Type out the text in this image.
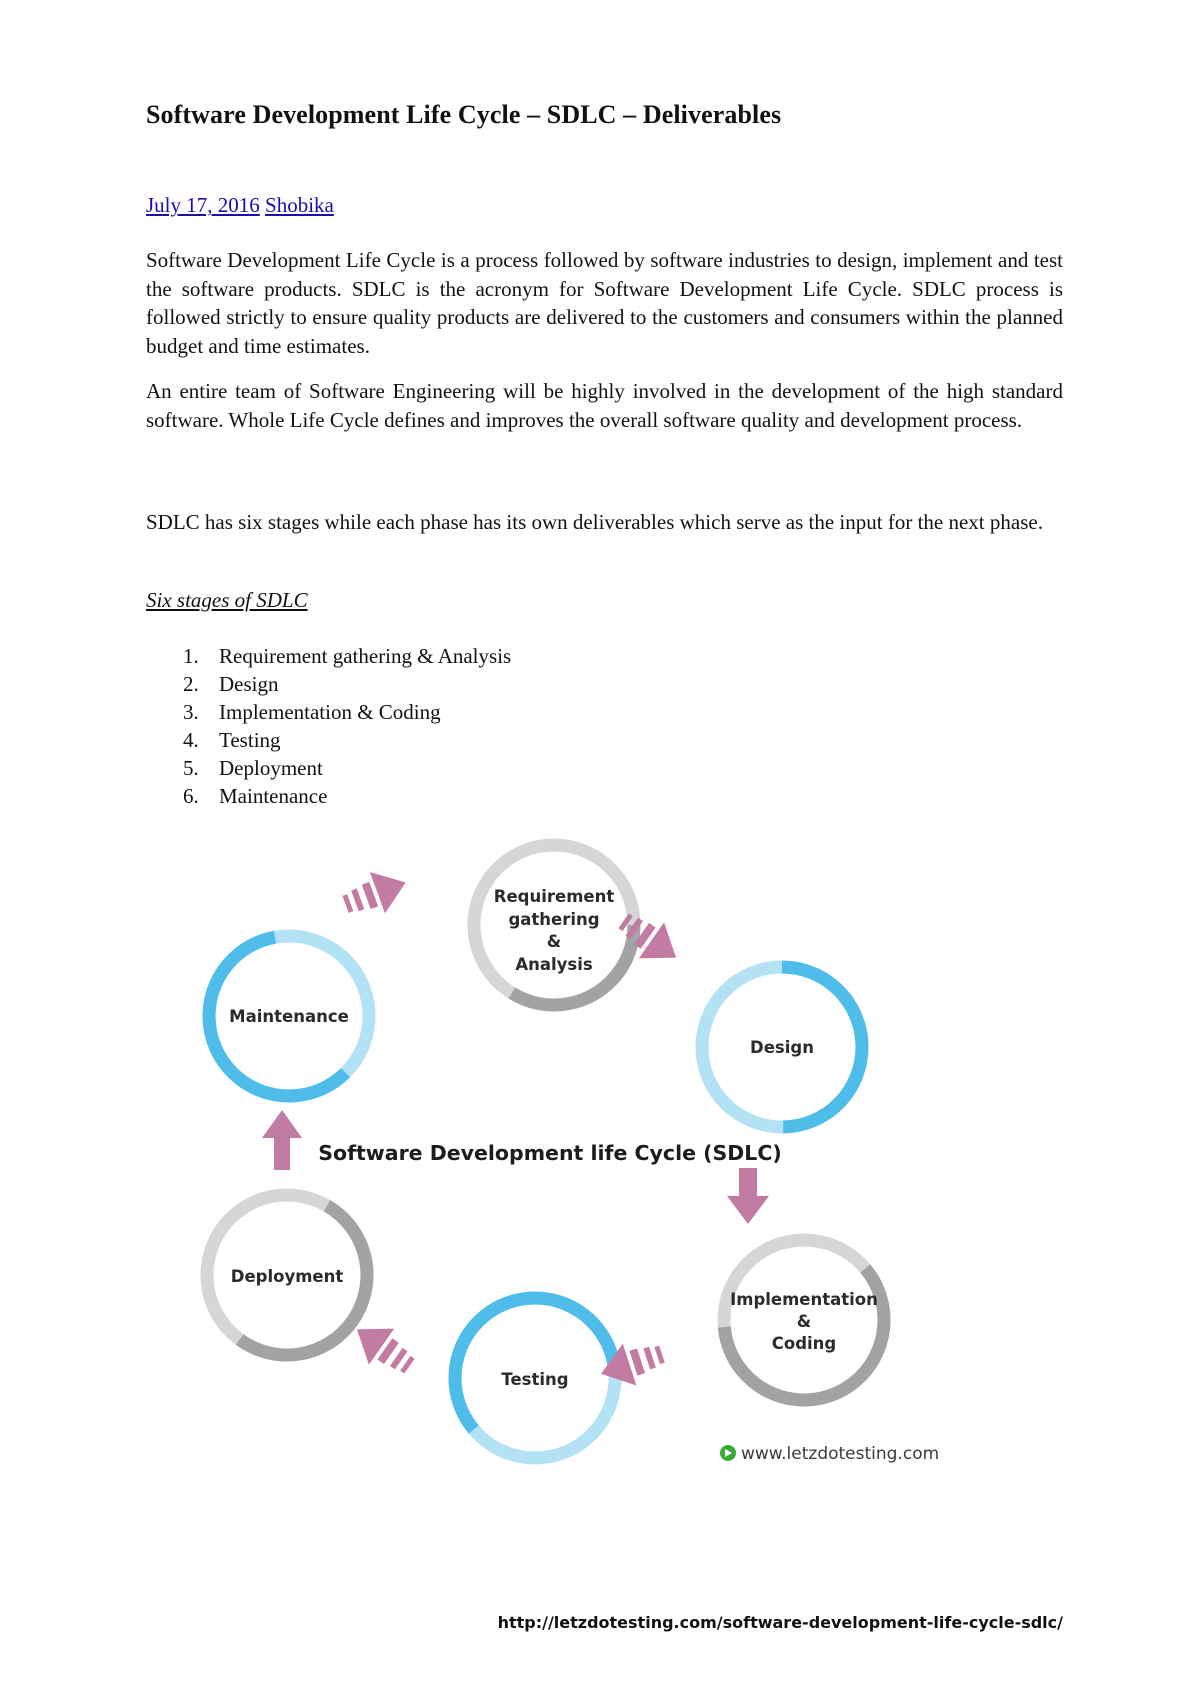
Software Development Life Cycle – SDLC – Deliverables
July 17, 2016 Shobika

Software Development Life Cycle is a process followed by software industries to design, implement and test the software products. SDLC is the acronym for Software Development Life Cycle. SDLC process is followed strictly to ensure quality products are delivered to the customers and consumers within the planned budget and time estimates.

An entire team of Software Engineering will be highly involved in the development of the high standard software. Whole Life Cycle defines and improves the overall software quality and development process.

SDLC has six stages while each phase has its own deliverables which serve as the input for the next phase.

Six stages of SDLC
1. Requirement gathering & Analysis
2. Design
3. Implementation & Coding
4. Testing
5. Deployment
6. Maintenance
Requirement
gathering
&
Analysis
Design
Implementation
&
Coding
Testing
Deployment
Maintenance
Software Development life Cycle (SDLC)
www.letzdotesting.com
http://letzdotesting.com/software-development-life-cycle-sdlc/
